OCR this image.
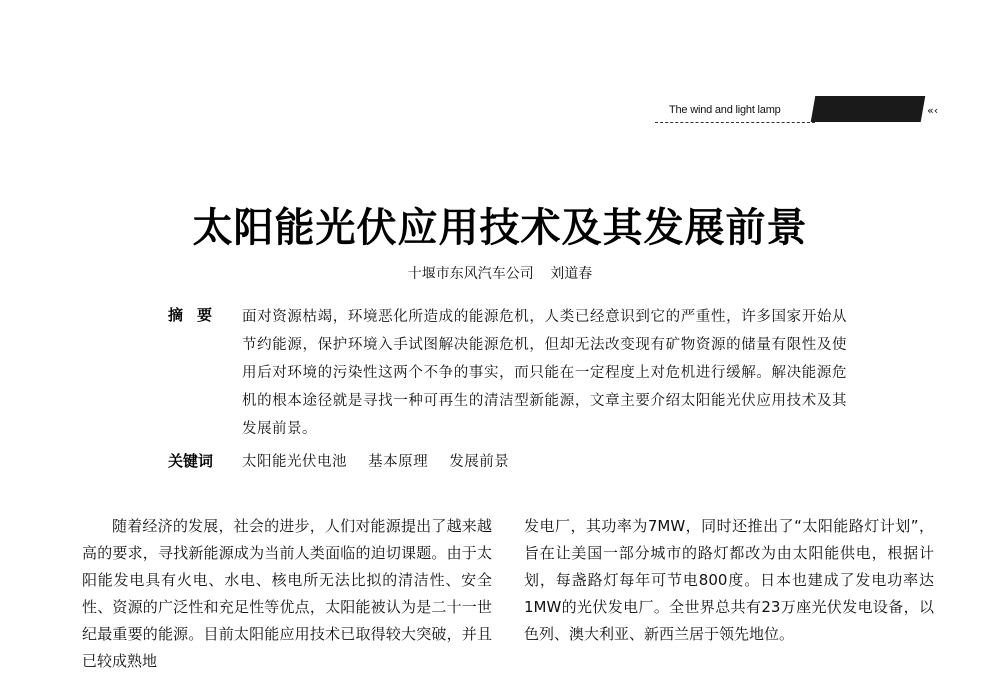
The wind and light lamp	«‹
太阳能光伏应用技术及其发展前景
十堰市东风汽车公司 刘道春
摘要 面对资源枯竭，环境恶化所造成的能源危机，人类已经意识到它的严重性，许多国家开始从节约能源，保护环境入手试图解决能源危机，但却无法改变现有矿物资源的储量有限性及使用后对环境的污染性这两个不争的事实，而只能在一定程度上对危机进行缓解。解决能源危机的根本途径就是寻找一种可再生的清洁型新能源，文章主要介绍太阳能光伏应用技术及其发展前景。
关键词 太阳能光伏电池 基本原理 发展前景

随着经济的发展，社会的进步，人们对能源提出了越来越高的要求，寻找新能源成为当前人类面临的迫切课题。由于太阳能发电具有火电、水电、核电所无法比拟的清洁性、安全性、资源的广泛性和充足性等优点，太阳能被认为是二十一世纪最重要的能源。目前太阳能应用技术已取得较大突破，并且已较成熟地

发电厂，其功率为7MW，同时还推出了“太阳能路灯计划”，旨在让美国一部分城市的路灯都改为由太阳能供电，根据计划，每盏路灯每年可节电800度。日本也建成了发电功率达1MW的光伏发电厂。全世界总共有23万座光伏发电设备，以色列、澳大利亚、新西兰居于领先地位。
